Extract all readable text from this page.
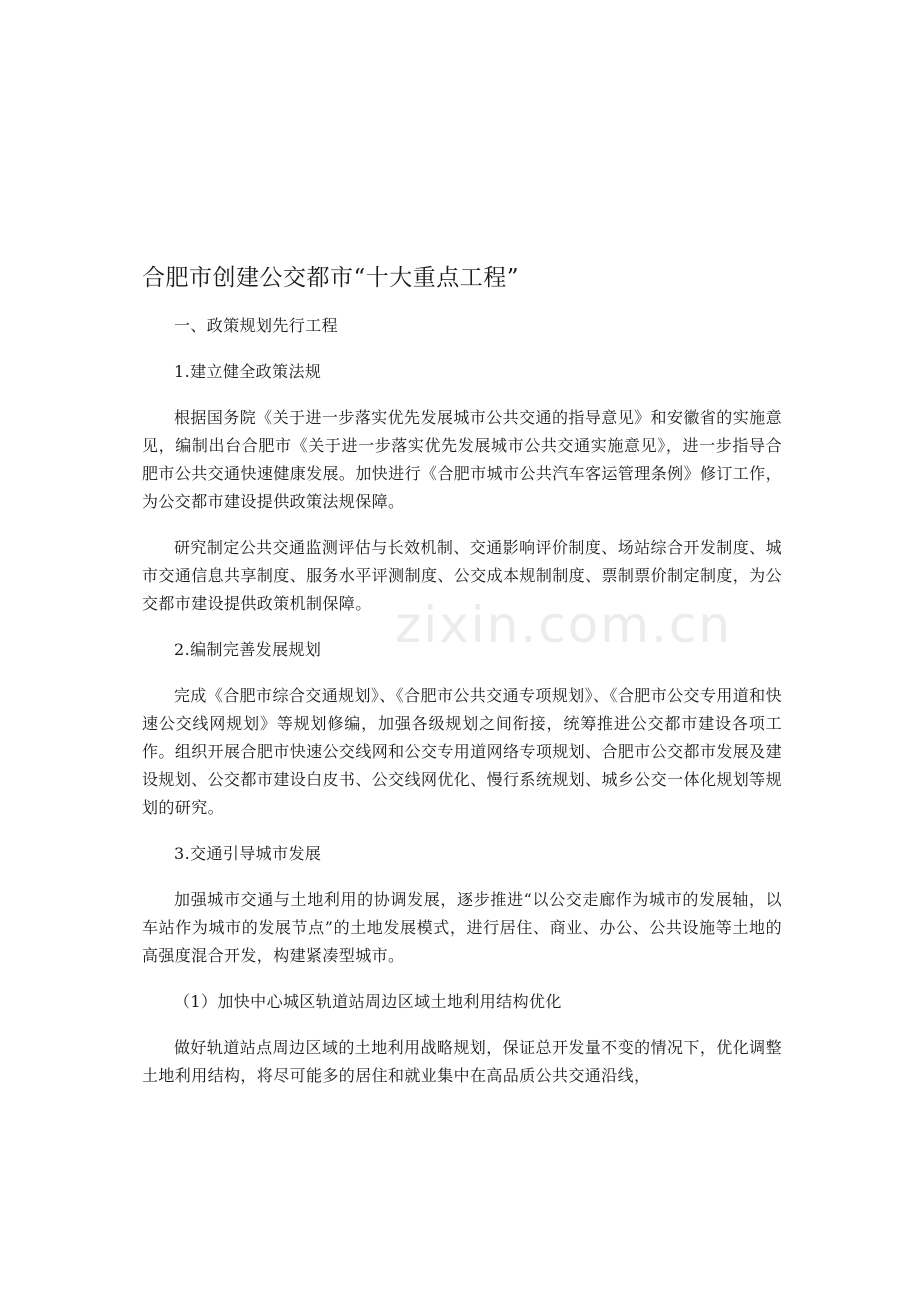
zixin.com.cn
合肥市创建公交都市“十大重点工程”

一、政策规划先行工程

1.建立健全政策法规

根据国务院《关于进一步落实优先发展城市公共交通的指导意见》和安徽省的实施意见，编制出台合肥市《关于进一步落实优先发展城市公共交通实施意见》，进一步指导合肥市公共交通快速健康发展。加快进行《合肥市城市公共汽车客运管理条例》修订工作，为公交都市建设提供政策法规保障。

研究制定公共交通监测评估与长效机制、交通影响评价制度、场站综合开发制度、城市交通信息共享制度、服务水平评测制度、公交成本规制制度、票制票价制定制度，为公交都市建设提供政策机制保障。

2.编制完善发展规划

完成《合肥市综合交通规划》、《合肥市公共交通专项规划》、《合肥市公交专用道和快速公交线网规划》等规划修编，加强各级规划之间衔接，统筹推进公交都市建设各项工作。组织开展合肥市快速公交线网和公交专用道网络专项规划、合肥市公交都市发展及建设规划、公交都市建设白皮书、公交线网优化、慢行系统规划、城乡公交一体化规划等规划的研究。

3.交通引导城市发展

加强城市交通与土地利用的协调发展，逐步推进“以公交走廊作为城市的发展轴，以车站作为城市的发展节点”的土地发展模式，进行居住、商业、办公、公共设施等土地的高强度混合开发，构建紧凑型城市。

（1）加快中心城区轨道站周边区域土地利用结构优化

做好轨道站点周边区域的土地利用战略规划，保证总开发量不变的情况下，优化调整土地利用结构，将尽可能多的居住和就业集中在高品质公共交通沿线，
